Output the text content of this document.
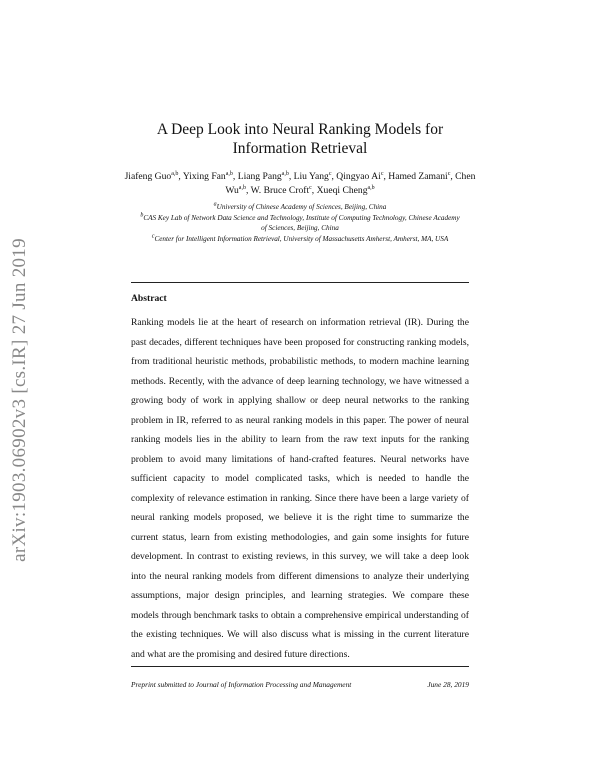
arXiv:1903.06902v3 [cs.IR] 27 Jun 2019
A Deep Look into Neural Ranking Models for
Information Retrieval
Jiafeng Guo$^{a,b}$, Yixing Fan$^{a,b}$, Liang Pang$^{a,b}$, Liu Yang$^c$, Qingyao Ai$^c$, Hamed Zamani$^c$, Chen Wu$^{a,b}$, W. Bruce Croft$^c$, Xueqi Cheng$^{a,b}$
$^a$University of Chinese Academy of Sciences, Beijing, China
$^b$CAS Key Lab of Network Data Science and Technology, Institute of Computing Technology, Chinese Academy of Sciences, Beijing, China
$^c$Center for Intelligent Information Retrieval, University of Massachusetts Amherst, Amherst, MA, USA
Abstract
Ranking models lie at the heart of research on information retrieval (IR). During the past decades, different techniques have been proposed for constructing ranking models, from traditional heuristic methods, probabilistic methods, to modern machine learning methods. Recently, with the advance of deep learning technology, we have witnessed a growing body of work in applying shallow or deep neural networks to the ranking problem in IR, referred to as neural ranking models in this paper. The power of neural ranking models lies in the ability to learn from the raw text inputs for the ranking problem to avoid many limitations of hand-crafted features. Neural networks have sufficient capacity to model complicated tasks, which is needed to handle the complexity of relevance estimation in ranking. Since there have been a large variety of neural ranking models proposed, we believe it is the right time to summarize the current status, learn from existing methodologies, and gain some insights for future development. In contrast to existing reviews, in this survey, we will take a deep look into the neural ranking models from different dimensions to analyze their underlying assumptions, major design principles, and learning strategies. We compare these models through benchmark tasks to obtain a comprehensive empirical understanding of the existing techniques. We will also discuss what is missing in the current literature and what are the promising and desired future directions.
Preprint submitted to Journal of Information Processing and Management	June 28, 2019
